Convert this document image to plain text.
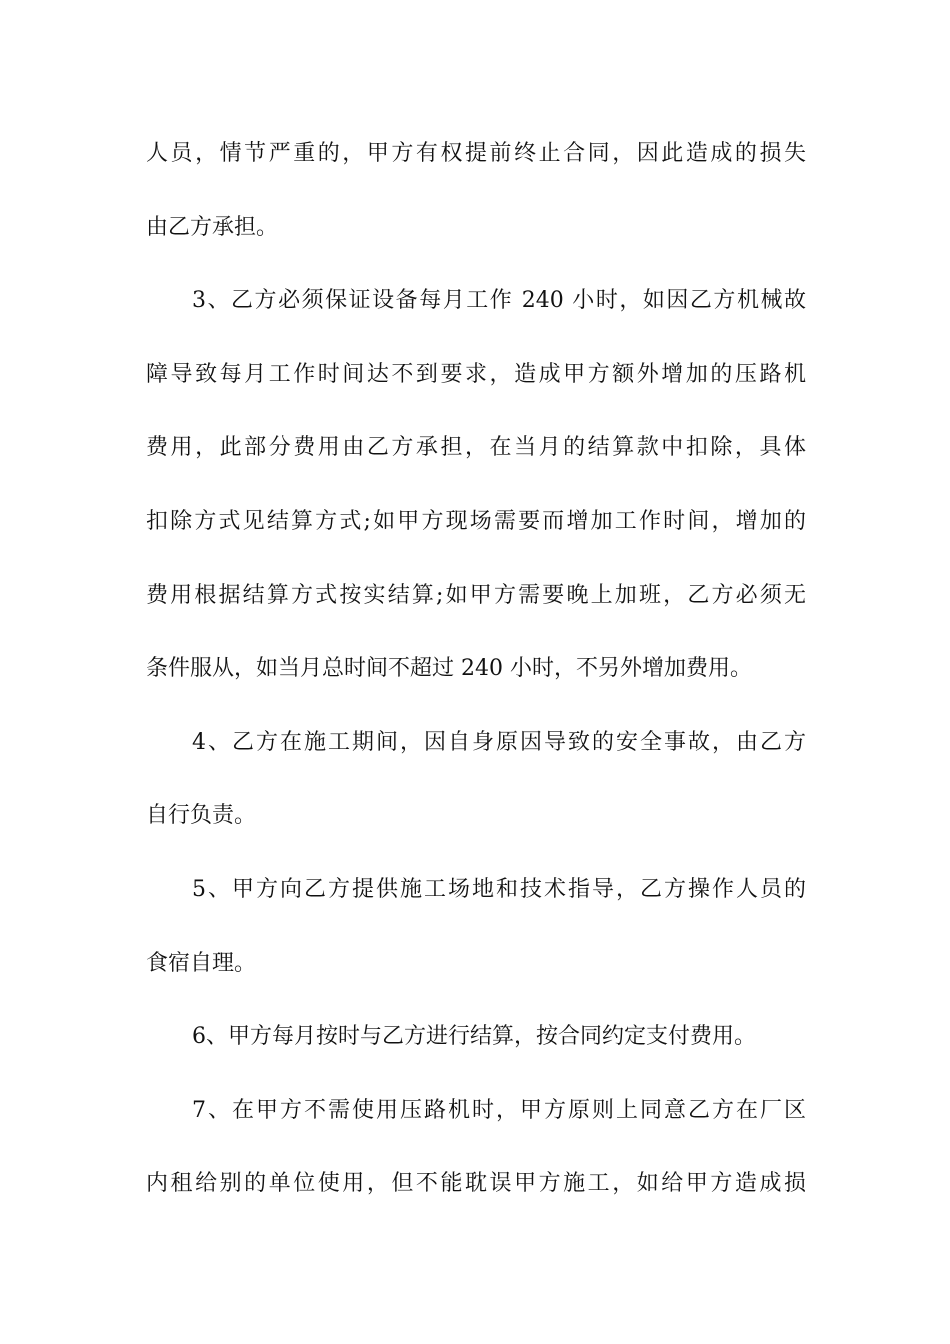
人员，情节严重的，甲方有权提前终止合同，因此造成的损失
由乙方承担。
3、乙方必须保证设备每月工作 240 小时，如因乙方机械故
障导致每月工作时间达不到要求，造成甲方额外增加的压路机
费用，此部分费用由乙方承担，在当月的结算款中扣除，具体
扣除方式见结算方式;如甲方现场需要而增加工作时间，增加的
费用根据结算方式按实结算;如甲方需要晚上加班，乙方必须无
条件服从，如当月总时间不超过 240 小时，不另外增加费用。
4、乙方在施工期间，因自身原因导致的安全事故，由乙方
自行负责。
5、甲方向乙方提供施工场地和技术指导，乙方操作人员的
食宿自理。
6、甲方每月按时与乙方进行结算，按合同约定支付费用。
7、在甲方不需使用压路机时，甲方原则上同意乙方在厂区
内租给别的单位使用，但不能耽误甲方施工，如给甲方造成损
